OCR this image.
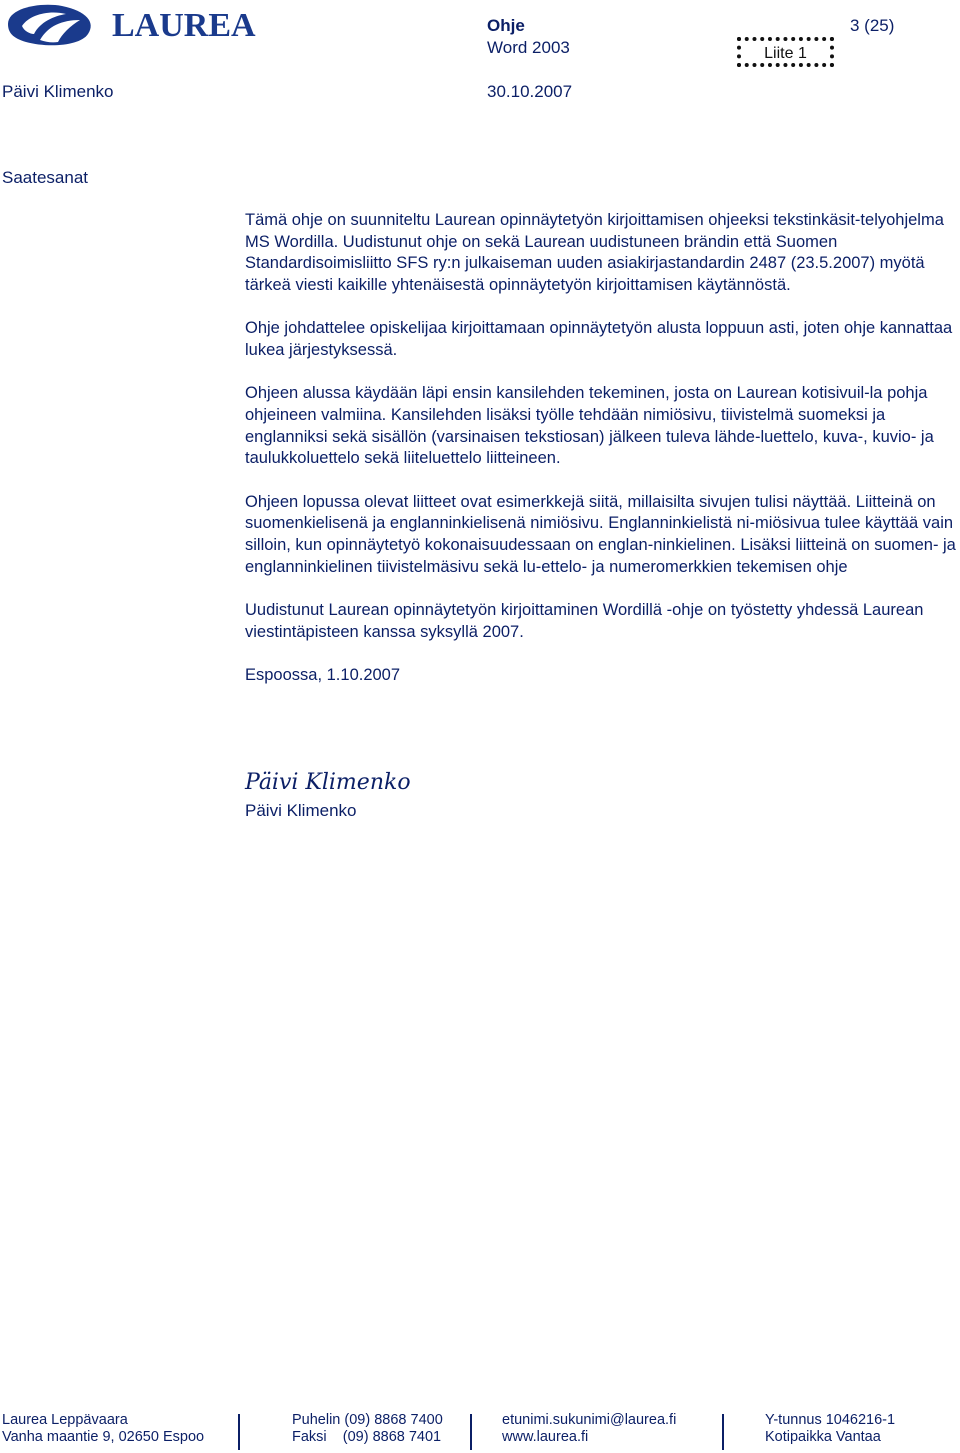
LAUREA	Ohje
Word 2003
3 (25)
Liite 1
Päivi Klimenko	30.10.2007
Saatesanat

Tämä ohje on suunniteltu Laurean opinnäytetyön kirjoittamisen ohjeeksi tekstinkäsit-telyohjelma MS Wordilla. Uudistunut ohje on sekä Laurean uudistuneen brändin että Suomen Standardisoimisliitto SFS ry:n julkaiseman uuden asiakirjastandardin 2487 (23.5.2007) myötä tärkeä viesti kaikille yhtenäisestä opinnäytetyön kirjoittamisen käytännöstä.

Ohje johdattelee opiskelijaa kirjoittamaan opinnäytetyön alusta loppuun asti, joten ohje kannattaa lukea järjestyksessä.

Ohjeen alussa käydään läpi ensin kansilehden tekeminen, josta on Laurean kotisivuil-la pohja ohjeineen valmiina. Kansilehden lisäksi työlle tehdään nimiösivu, tiivistelmä suomeksi ja englanniksi sekä sisällön (varsinaisen tekstiosan) jälkeen tuleva lähde-luettelo, kuva-, kuvio- ja taulukkoluettelo sekä liiteluettelo liitteineen.

Ohjeen lopussa olevat liitteet ovat esimerkkejä siitä, millaisilta sivujen tulisi näyttää. Liitteinä on suomenkielisenä ja englanninkielisenä nimiösivu. Englanninkielistä ni-miösivua tulee käyttää vain silloin, kun opinnäytetyö kokonaisuudessaan on englan-ninkielinen. Lisäksi liitteinä on suomen- ja englanninkielinen tiivistelmäsivu sekä lu-ettelo- ja numeromerkkien tekemisen ohje

Uudistunut Laurean opinnäytetyön kirjoittaminen Wordillä -ohje on työstetty yhdessä Laurean viestintäpisteen kanssa syksyllä 2007.

Espoossa, 1.10.2007

Päivi Klimenko
Päivi Klimenko
Laurea Leppävaara
Vanha maantie 9, 02650 Espoo
Puhelin (09) 8868 7400
Faksi    (09) 8868 7401
etunimi.sukunimi@laurea.fi
www.laurea.fi
Y-tunnus 1046216-1
Kotipaikka Vantaa
